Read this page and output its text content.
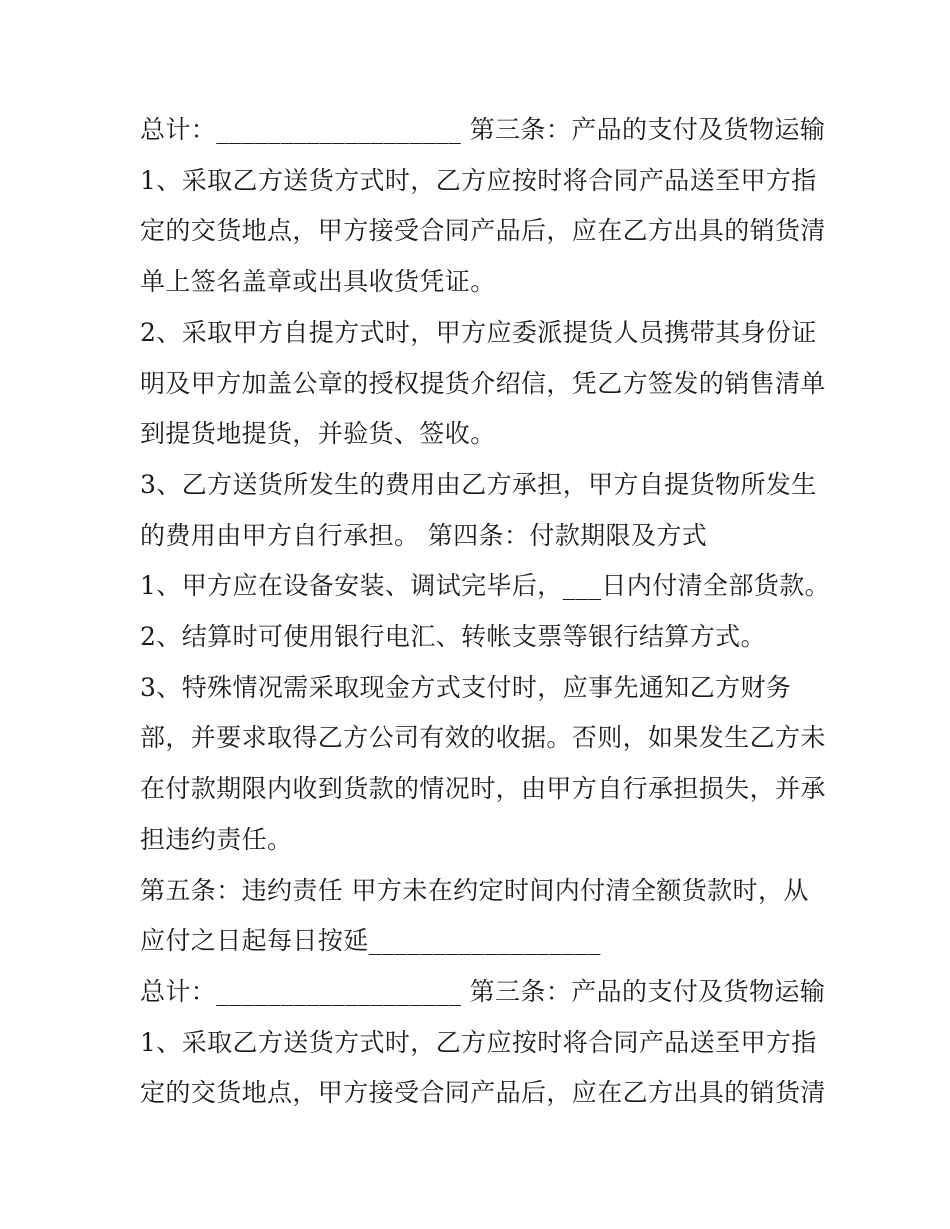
总计：___________________ 第三条：产品的支付及货物运输
1、采取乙方送货方式时，乙方应按时将合同产品送至甲方指
定的交货地点，甲方接受合同产品后，应在乙方出具的销货清
单上签名盖章或出具收货凭证。
2、采取甲方自提方式时，甲方应委派提货人员携带其身份证
明及甲方加盖公章的授权提货介绍信，凭乙方签发的销售清单
到提货地提货，并验货、签收。
3、乙方送货所发生的费用由乙方承担，甲方自提货物所发生
的费用由甲方自行承担。 第四条：付款期限及方式
1、甲方应在设备安装、调试完毕后，___日内付清全部货款。
2、结算时可使用银行电汇、转帐支票等银行结算方式。
3、特殊情况需采取现金方式支付时，应事先通知乙方财务
部，并要求取得乙方公司有效的收据。否则，如果发生乙方未
在付款期限内收到货款的情况时，由甲方自行承担损失，并承
担违约责任。
第五条：违约责任 甲方未在约定时间内付清全额货款时，从
应付之日起每日按延__________________
总计：___________________ 第三条：产品的支付及货物运输
1、采取乙方送货方式时，乙方应按时将合同产品送至甲方指
定的交货地点，甲方接受合同产品后，应在乙方出具的销货清
